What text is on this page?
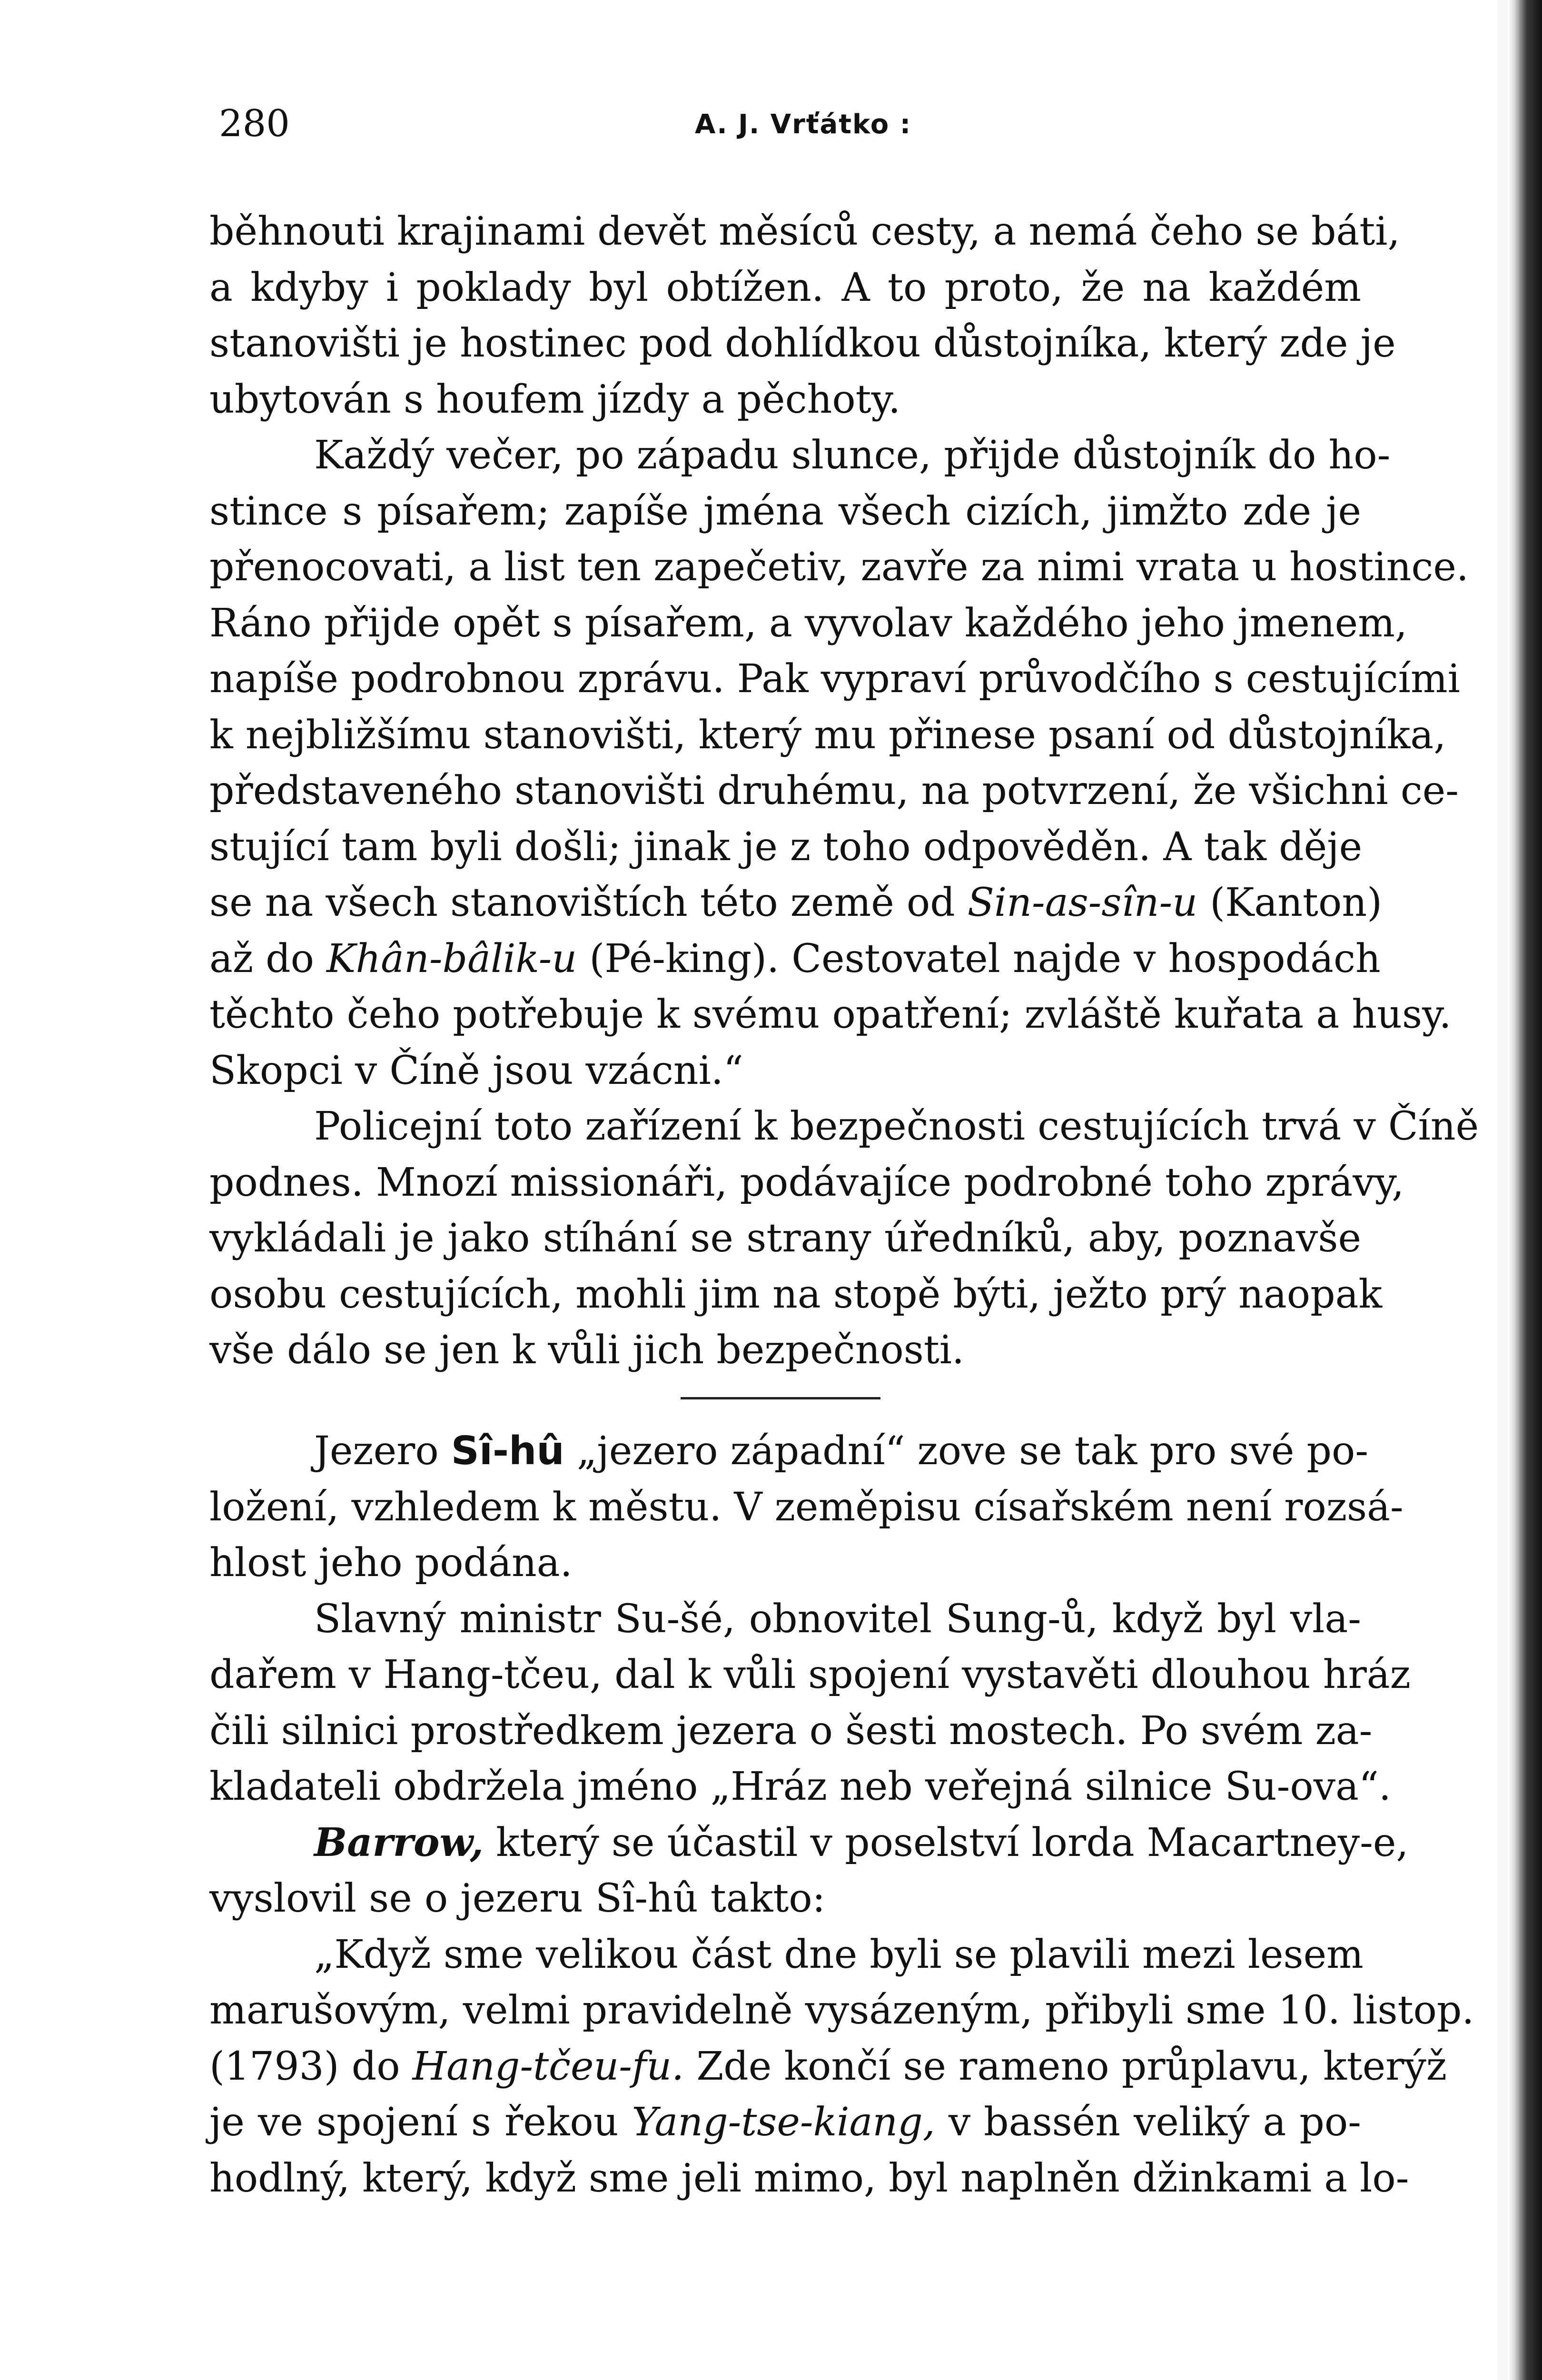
280	A. J. Vrťátko :
běhnouti krajinami devět měsíců cesty, a nemá čeho se báti,
a kdyby i poklady byl obtížen. A to proto, že na každém
stanovišti je hostinec pod dohlídkou důstojníka, který zde je
ubytován s houfem jízdy a pěchoty.
Každý večer, po západu slunce, přijde důstojník do ho-
stince s písařem; zapíše jména všech cizích, jimžto zde je
přenocovati, a list ten zapečetiv, zavře za nimi vrata u hostince.
Ráno přijde opět s písařem, a vyvolav každého jeho jmenem,
napíše podrobnou zprávu. Pak vypraví průvodčího s cestujícími
k nejbližšímu stanovišti, který mu přinese psaní od důstojníka,
představeného stanovišti druhému, na potvrzení, že všichni ce-
stující tam byli došli; jinak je z toho odpověděn. A tak děje
se na všech stanovištích této země od Sin-as-sîn-u (Kanton)
až do Khân-bâlik-u (Pé-king). Cestovatel najde v hospodách
těchto čeho potřebuje k svému opatření; zvláště kuřata a husy.
Skopci v Číně jsou vzácni.“
Policejní toto zařízení k bezpečnosti cestujících trvá v Číně
podnes. Mnozí missionáři, podávajíce podrobné toho zprávy,
vykládali je jako stíhání se strany úředníků, aby, poznavše
osobu cestujících, mohli jim na stopě býti, ježto prý naopak
vše dálo se jen k vůli jich bezpečnosti.
Jezero Sî-hû „jezero západní“ zove se tak pro své po-
ložení, vzhledem k městu. V zeměpisu císařském není rozsá-
hlost jeho podána.
Slavný ministr Su-šé, obnovitel Sung-ů, když byl vla-
dařem v Hang-tčeu, dal k vůli spojení vystavěti dlouhou hráz
čili silnici prostředkem jezera o šesti mostech. Po svém za-
kladateli obdržela jméno „Hráz neb veřejná silnice Su-ova“.
Barrow, který se účastil v poselství lorda Macartney-e,
vyslovil se o jezeru Sî-hû takto:
„Když sme velikou část dne byli se plavili mezi lesem
marušovým, velmi pravidelně vysázeným, přibyli sme 10. listop.
(1793) do Hang-tčeu-fu. Zde končí se rameno průplavu, kterýž
je ve spojení s řekou Yang-tse-kiang, v bassén veliký a po-
hodlný, který, když sme jeli mimo, byl naplněn džinkami a lo-
